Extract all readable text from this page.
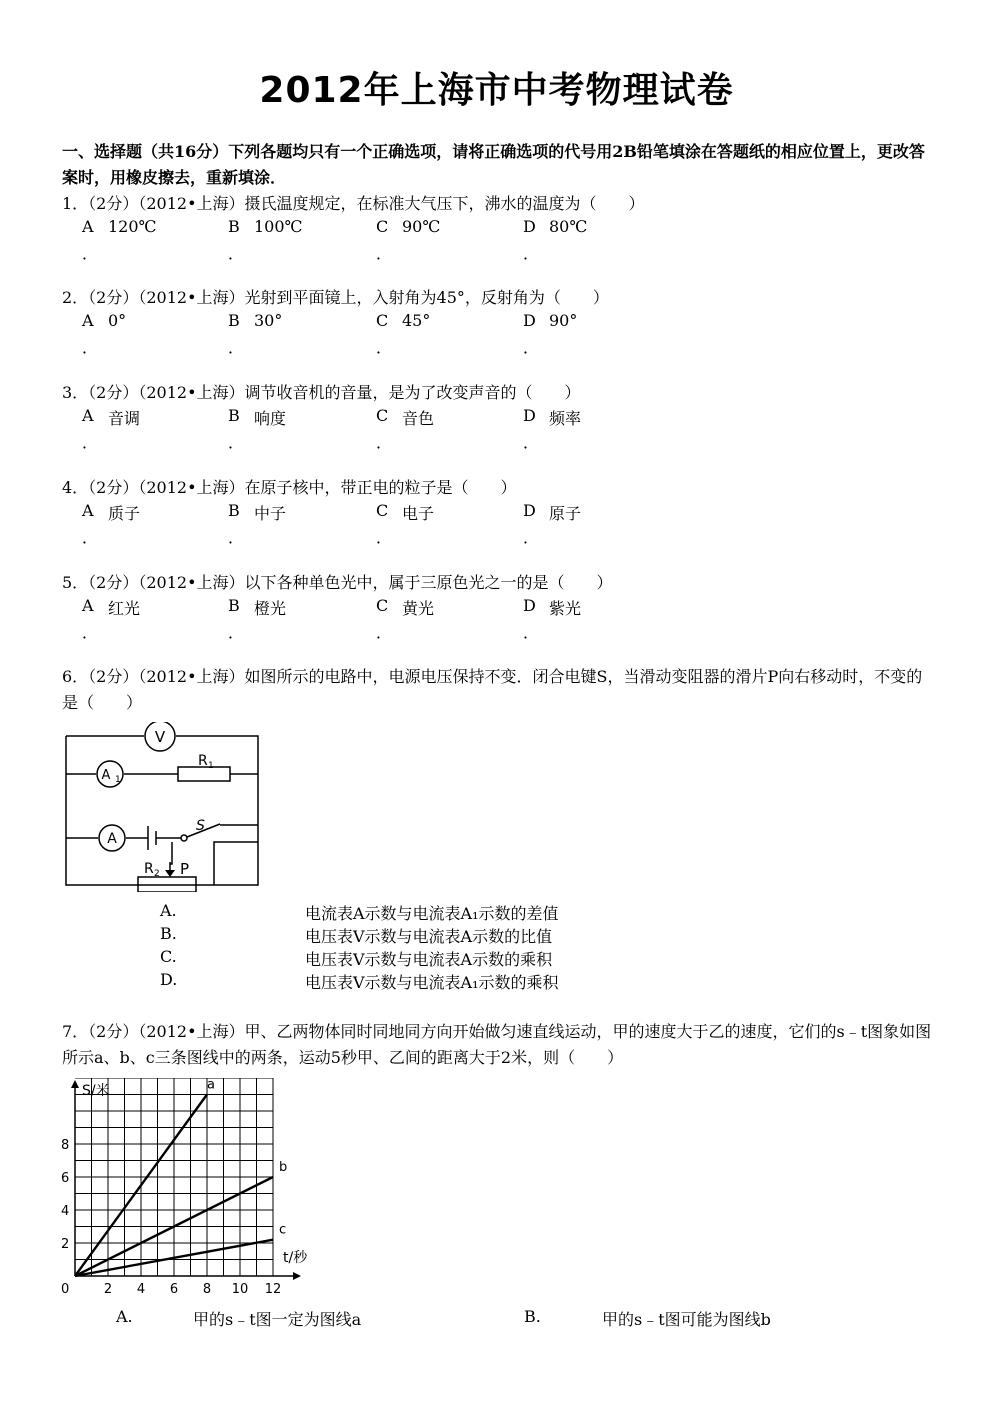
2012年上海市中考物理试卷
一、选择题（共16分）下列各题均只有一个正确选项，请将正确选项的代号用2B铅笔填涂在答题纸的相应位置上，更改答案时，用橡皮擦去，重新填涂．
1．（2分）（2012•上海）摄氏温度规定，在标准大气压下，沸水的温度为（　　）
2．（2分）（2012•上海）光射到平面镜上，入射角为45°，反射角为（　　）
3．（2分）（2012•上海）调节收音机的音量，是为了改变声音的（　　）
4．（2分）（2012•上海）在原子核中，带正电的粒子是（　　）
5．（2分）（2012•上海）以下各种单色光中，属于三原色光之一的是（　　）
A 120℃
．
B 100℃
．
C 90℃
．
D 80℃
．
A 0°
．
B 30°
．
C 45°
．
D 90°
．
A 音调
．
B 响度
．
C 音色
．
D 频率
．
A 质子
．
B 中子
．
C 电子
．
D 原子
．
A 红光
．
B 橙光
．
C 黄光
．
D 紫光
．
6．（2分）（2012•上海）如图所示的电路中，电源电压保持不变．闭合电键S，当滑动变阻器的滑片P向右移动时，不变的是（　　）
V
A 1
A
R 1
R 2 P
S
A.	电流表A示数与电流表A₁示数的差值
B.	电压表V示数与电流表A示数的比值
C.	电压表V示数与电流表A示数的乘积
D.	电压表V示数与电流表A₁示数的乘积
7．（2分）（2012•上海）甲、乙两物体同时同地同方向开始做匀速直线运动，甲的速度大于乙的速度，它们的s﹣t图象如图所示a、b、c三条图线中的两条，运动5秒甲、乙间的距离大于2米，则（　　）
a
b
c
0	2 4 6 8 10 12
2
4
6
8
S/米
t/秒
A.	甲的s﹣t图一定为图线a	B.	甲的s﹣t图可能为图线b
